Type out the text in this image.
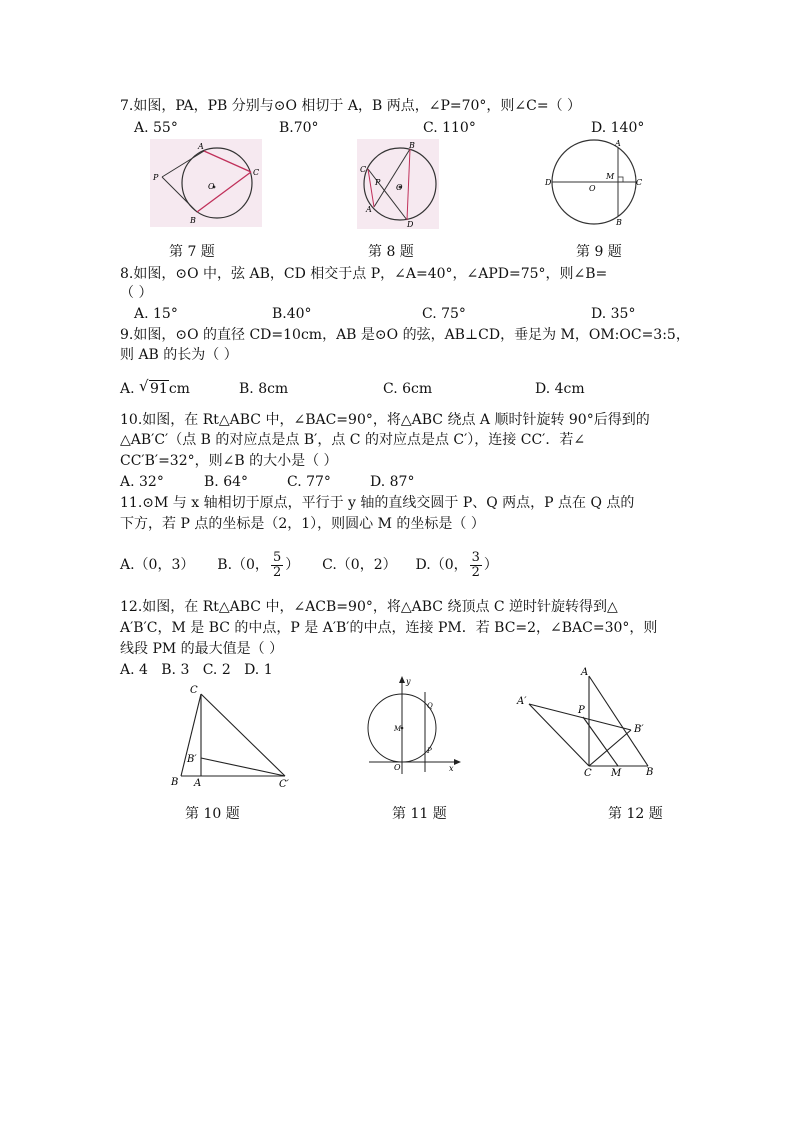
7.如图，PA，PB 分别与⊙O 相切于 A，B 两点，∠P=70°，则∠C=（ ）
A. 55°	B.70°	C. 110°	D. 140°
A
B
C
P
O
B
C
P
A
D
O
A
B
D	C
M
O
第 7 题	第 8 题	第 9 题
8.如图，⊙O 中，弦 AB，CD 相交于点 P，∠A=40°，∠APD=75°，则∠B=
（ ）
A. 15°	B.40°	C. 75°	D. 35°
9.如图，⊙O 的直径 CD=10cm，AB 是⊙O 的弦，AB⊥CD，垂足为 M，OM:OC=3:5，
则 AB 的长为（ ）
A. √ 91cm	B. 8cm	C. 6cm	D. 4cm
10.如图，在 Rt△ABC 中，∠BAC=90°，将△ABC 绕点 A 顺时针旋转 90°后得到的
△AB′C′（点 B 的对应点是点 B′，点 C 的对应点是点 C′），连接 CC′．若∠
CC′B′=32°，则∠B 的大小是（ ）
A. 32°	B. 64°	C. 77°	D. 87°
11.⊙M 与 x 轴相切于原点，平行于 y 轴的直线交圆于 P、Q 两点，P 点在 Q 点的
下方，若 P 点的坐标是（2，1），则圆心 M 的坐标是（ ）
A.（0，3） B.（0， $\frac{5}{2}$ ） C.（0，2） D.（0， $\frac{3}{2}$ ）
12.如图，在 Rt△ABC 中，∠ACB=90°，将△ABC 绕顶点 C 逆时针旋转得到△
A′B′C，M 是 BC 的中点，P 是 A′B′的中点，连接 PM．若 BC=2，∠BAC=30°，则
线段 PM 的最大值是（ ）
A. 4   B. 3   C. 2   D. 1
C
B′
B A	C′
y
x
O
M
Q
P
A
A′
P
B′
C M B
第 10 题	第 11 题	第 12 题
